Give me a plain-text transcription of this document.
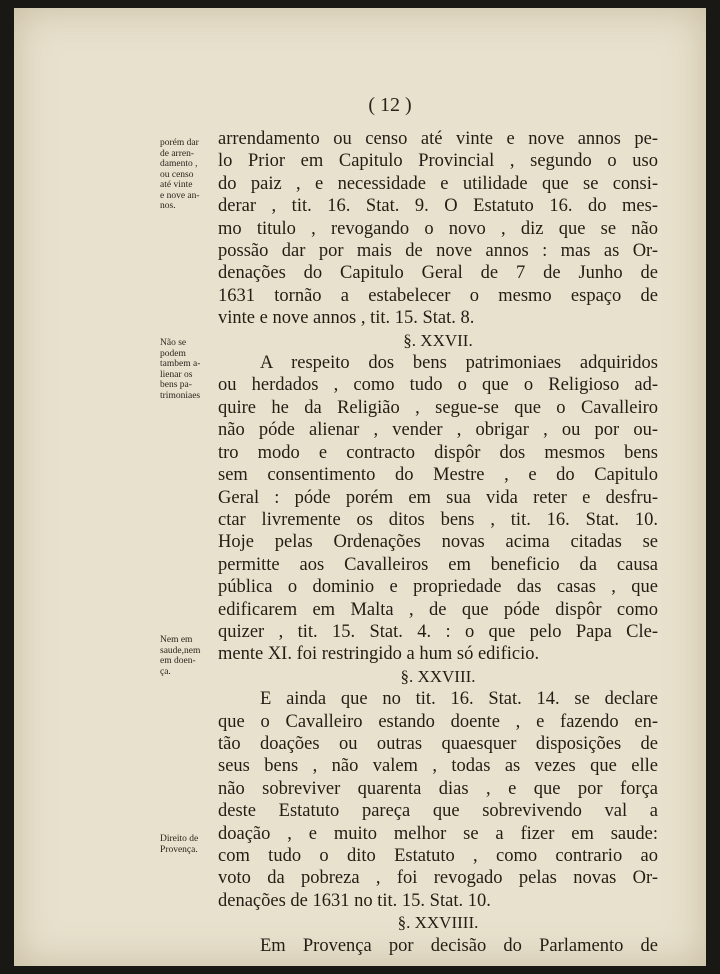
( 12 )
porém dar
de arren-
damento ,
ou censo
até vinte
e nove an-
nos.
Não se
podem
tambem a-
lienar os
bens pa-
trimoniaes
Nem em
saude,nem
em doen-
ça.
Direito de
Provença.
arrendamento ou censo até vinte e nove annos pe-
lo Prior em Capitulo Provincial , segundo o uso
do paiz , e necessidade e utilidade que se consi-
derar , tit. 16. Stat. 9. O Estatuto 16. do mes-
mo titulo , revogando o novo , diz que se não
possão dar por mais de nove annos : mas as Or-
denações do Capitulo Geral de 7 de Junho de
1631 tornão a estabelecer o mesmo espaço de
vinte e nove annos , tit. 15. Stat. 8.
§. XXVII.
A respeito dos bens patrimoniaes adquiridos
ou herdados , como tudo o que o Religioso ad-
quire he da Religião , segue-se que o Cavalleiro
não póde alienar , vender , obrigar , ou por ou-
tro modo e contracto dispôr dos mesmos bens
sem consentimento do Mestre , e do Capitulo
Geral : póde porém em sua vida reter e desfru-
ctar livremente os ditos bens , tit. 16. Stat. 10.
Hoje pelas Ordenações novas acima citadas se
permitte aos Cavalleiros em beneficio da causa
pública o dominio e propriedade das casas , que
edificarem em Malta , de que póde dispôr como
quizer , tit. 15. Stat. 4. : o que pelo Papa Cle-
mente XI. foi restringido a hum só edificio.
§. XXVIII.
E ainda que no tit. 16. Stat. 14. se declare
que o Cavalleiro estando doente , e fazendo en-
tão doações ou outras quaesquer disposições de
seus bens , não valem , todas as vezes que elle
não sobreviver quarenta dias , e que por força
deste Estatuto pareça que sobrevivendo val a
doação , e muito melhor se a fizer em saude:
com tudo o dito Estatuto , como contrario ao
voto da pobreza , foi revogado pelas novas Or-
denações de 1631 no tit. 15. Stat. 10.
§. XXVIIII.
Em Provença por decisão do Parlamento de
